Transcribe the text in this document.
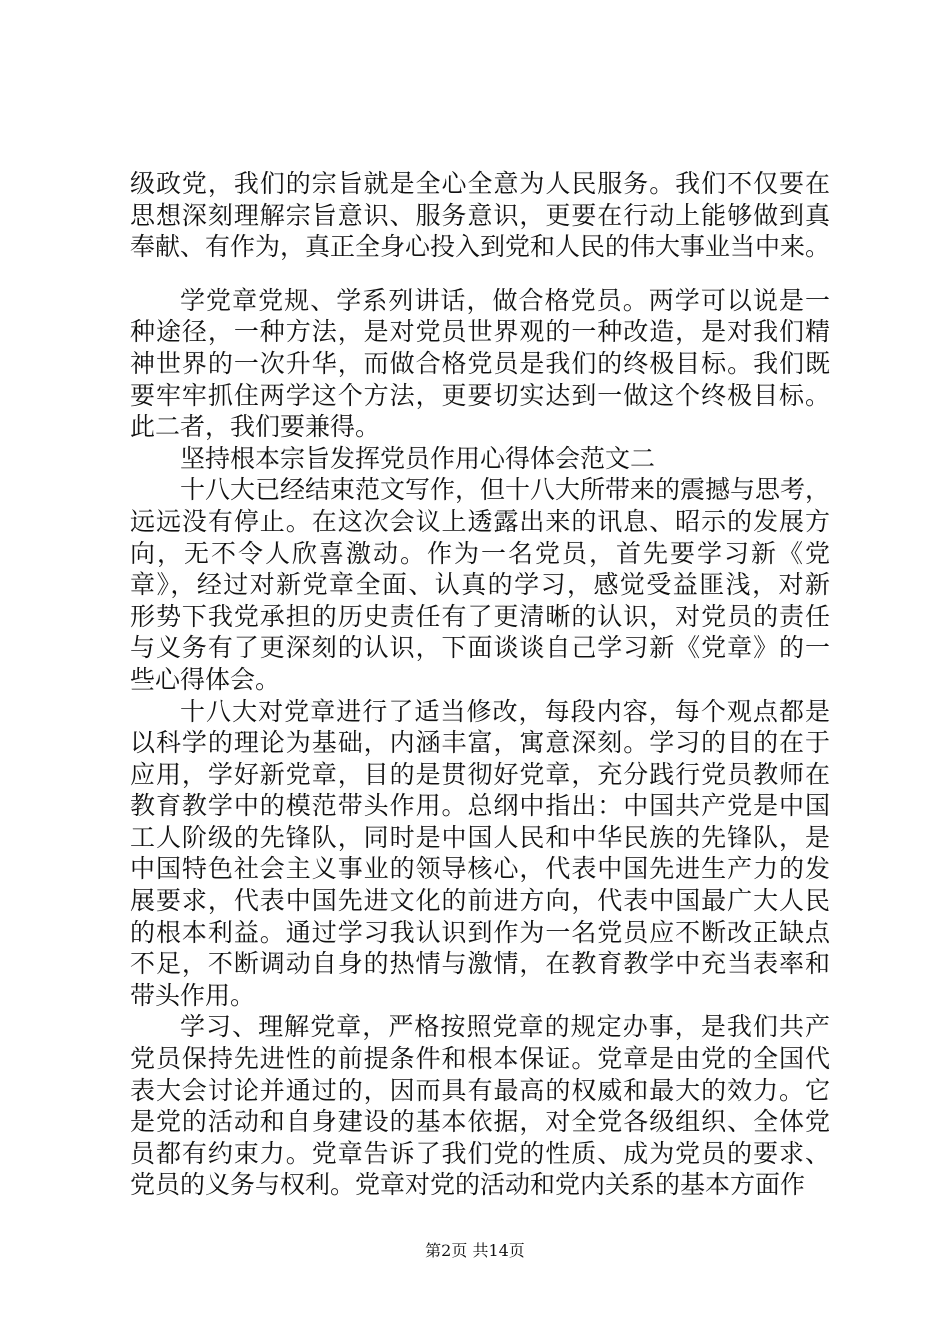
级政党，我们的宗旨就是全心全意为人民服务。我们不仅要在
思想深刻理解宗旨意识、服务意识，更要在行动上能够做到真
奉献、有作为，真正全身心投入到党和人民的伟大事业当中来。
学党章党规、学系列讲话，做合格党员。两学可以说是一
种途径，一种方法，是对党员世界观的一种改造，是对我们精
神世界的一次升华，而做合格党员是我们的终极目标。我们既
要牢牢抓住两学这个方法，更要切实达到一做这个终极目标。
此二者，我们要兼得。
坚持根本宗旨发挥党员作用心得体会范文二
十八大已经结束范文写作，但十八大所带来的震撼与思考，
远远没有停止。在这次会议上透露出来的讯息、昭示的发展方
向，无不令人欣喜激动。作为一名党员，首先要学习新《党
章》，经过对新党章全面、认真的学习，感觉受益匪浅，对新
形势下我党承担的历史责任有了更清晰的认识，对党员的责任
与义务有了更深刻的认识，下面谈谈自己学习新《党章》的一
些心得体会。
十八大对党章进行了适当修改，每段内容，每个观点都是
以科学的理论为基础，内涵丰富，寓意深刻。学习的目的在于
应用，学好新党章，目的是贯彻好党章，充分践行党员教师在
教育教学中的模范带头作用。总纲中指出：中国共产党是中国
工人阶级的先锋队，同时是中国人民和中华民族的先锋队，是
中国特色社会主义事业的领导核心，代表中国先进生产力的发
展要求，代表中国先进文化的前进方向，代表中国最广大人民
的根本利益。通过学习我认识到作为一名党员应不断改正缺点
不足，不断调动自身的热情与激情，在教育教学中充当表率和
带头作用。
学习、理解党章，严格按照党章的规定办事，是我们共产
党员保持先进性的前提条件和根本保证。党章是由党的全国代
表大会讨论并通过的，因而具有最高的权威和最大的效力。它
是党的活动和自身建设的基本依据，对全党各级组织、全体党
员都有约束力。党章告诉了我们党的性质、成为党员的要求、
党员的义务与权利。党章对党的活动和党内关系的基本方面作
第2页 共14页
